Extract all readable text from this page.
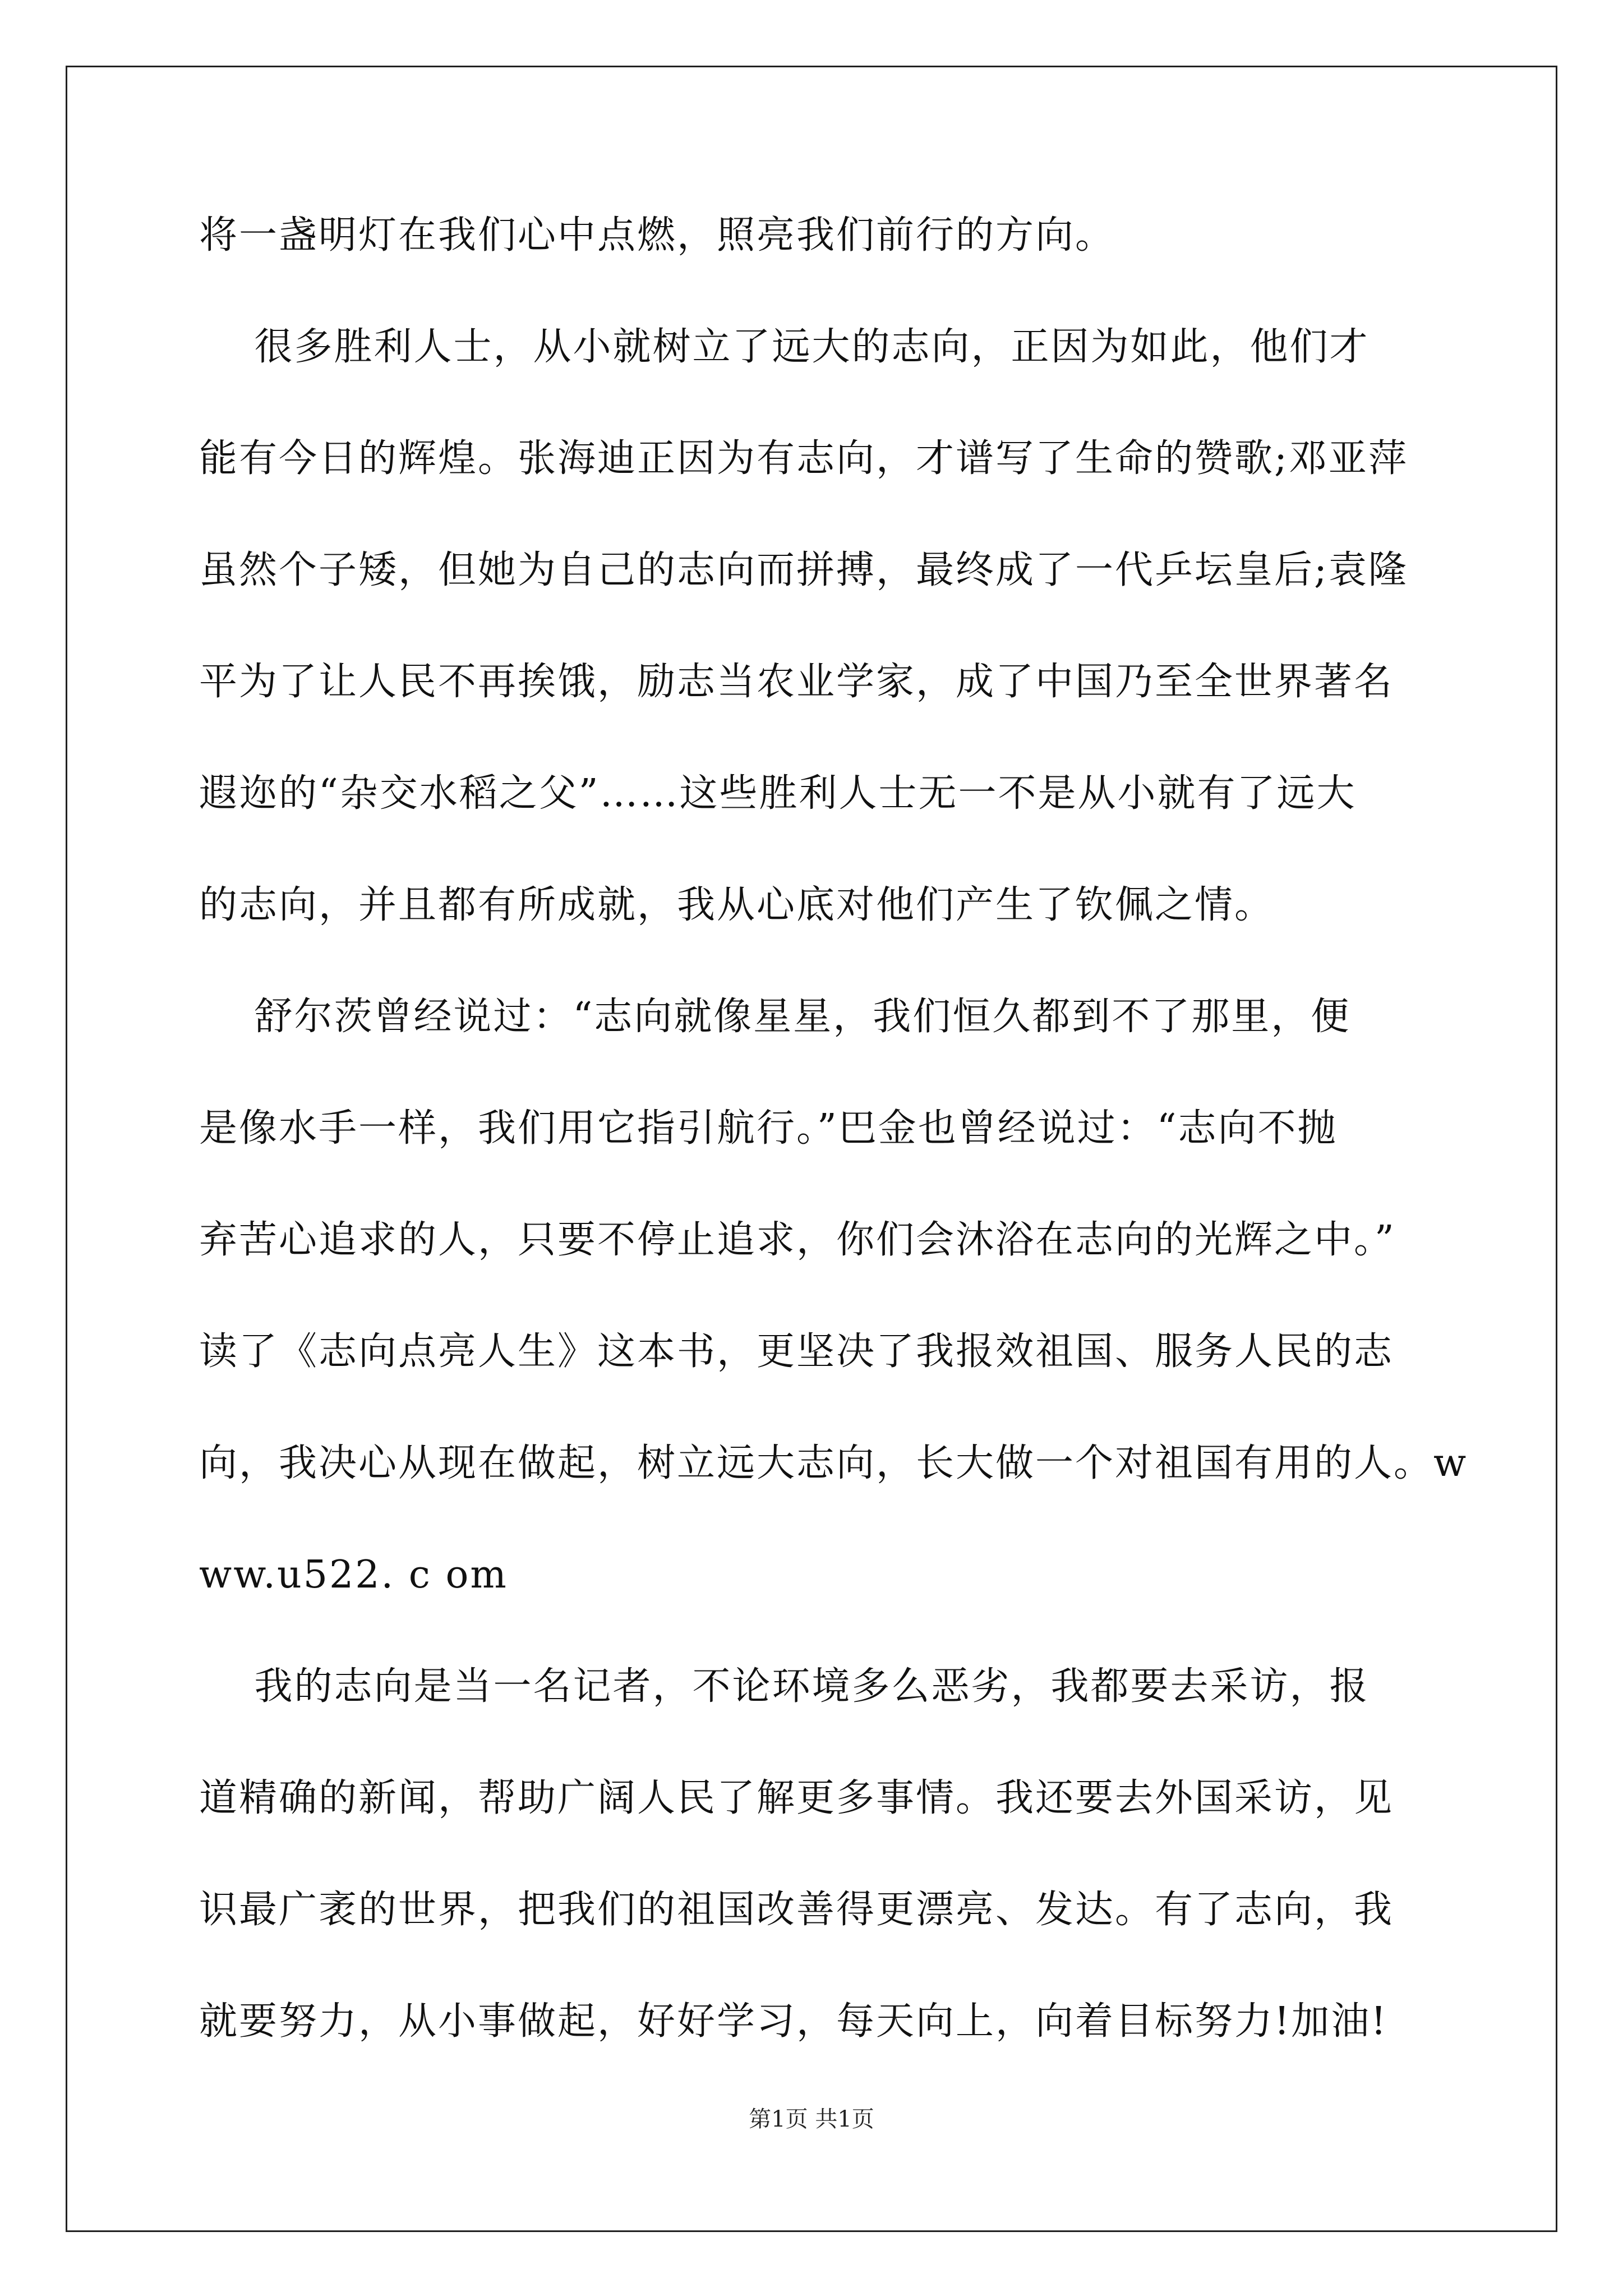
将一盏明灯在我们心中点燃，照亮我们前行的方向。
很多胜利人士，从小就树立了远大的志向，正因为如此，他们才
能有今日的辉煌。张海迪正因为有志向，才谱写了生命的赞歌;邓亚萍
虽然个子矮，但她为自己的志向而拼搏，最终成了一代乒坛皇后;袁隆
平为了让人民不再挨饿，励志当农业学家，成了中国乃至全世界著名
遐迩的“杂交水稻之父”……这些胜利人士无一不是从小就有了远大
的志向，并且都有所成就，我从心底对他们产生了钦佩之情。
舒尔茨曾经说过：“志向就像星星，我们恒久都到不了那里，便
是像水手一样，我们用它指引航行。”巴金也曾经说过：“志向不抛
弃苦心追求的人，只要不停止追求，你们会沐浴在志向的光辉之中。”
读了《志向点亮人生》这本书，更坚决了我报效祖国、服务人民的志
向，我决心从现在做起，树立远大志向，长大做一个对祖国有用的人。w
ww.u522. c om
我的志向是当一名记者，不论环境多么恶劣，我都要去采访，报
道精确的新闻，帮助广阔人民了解更多事情。我还要去外国采访，见
识最广袤的世界，把我们的祖国改善得更漂亮、发达。有了志向，我
就要努力，从小事做起，好好学习，每天向上，向着目标努力!加油!
第1页 共1页
